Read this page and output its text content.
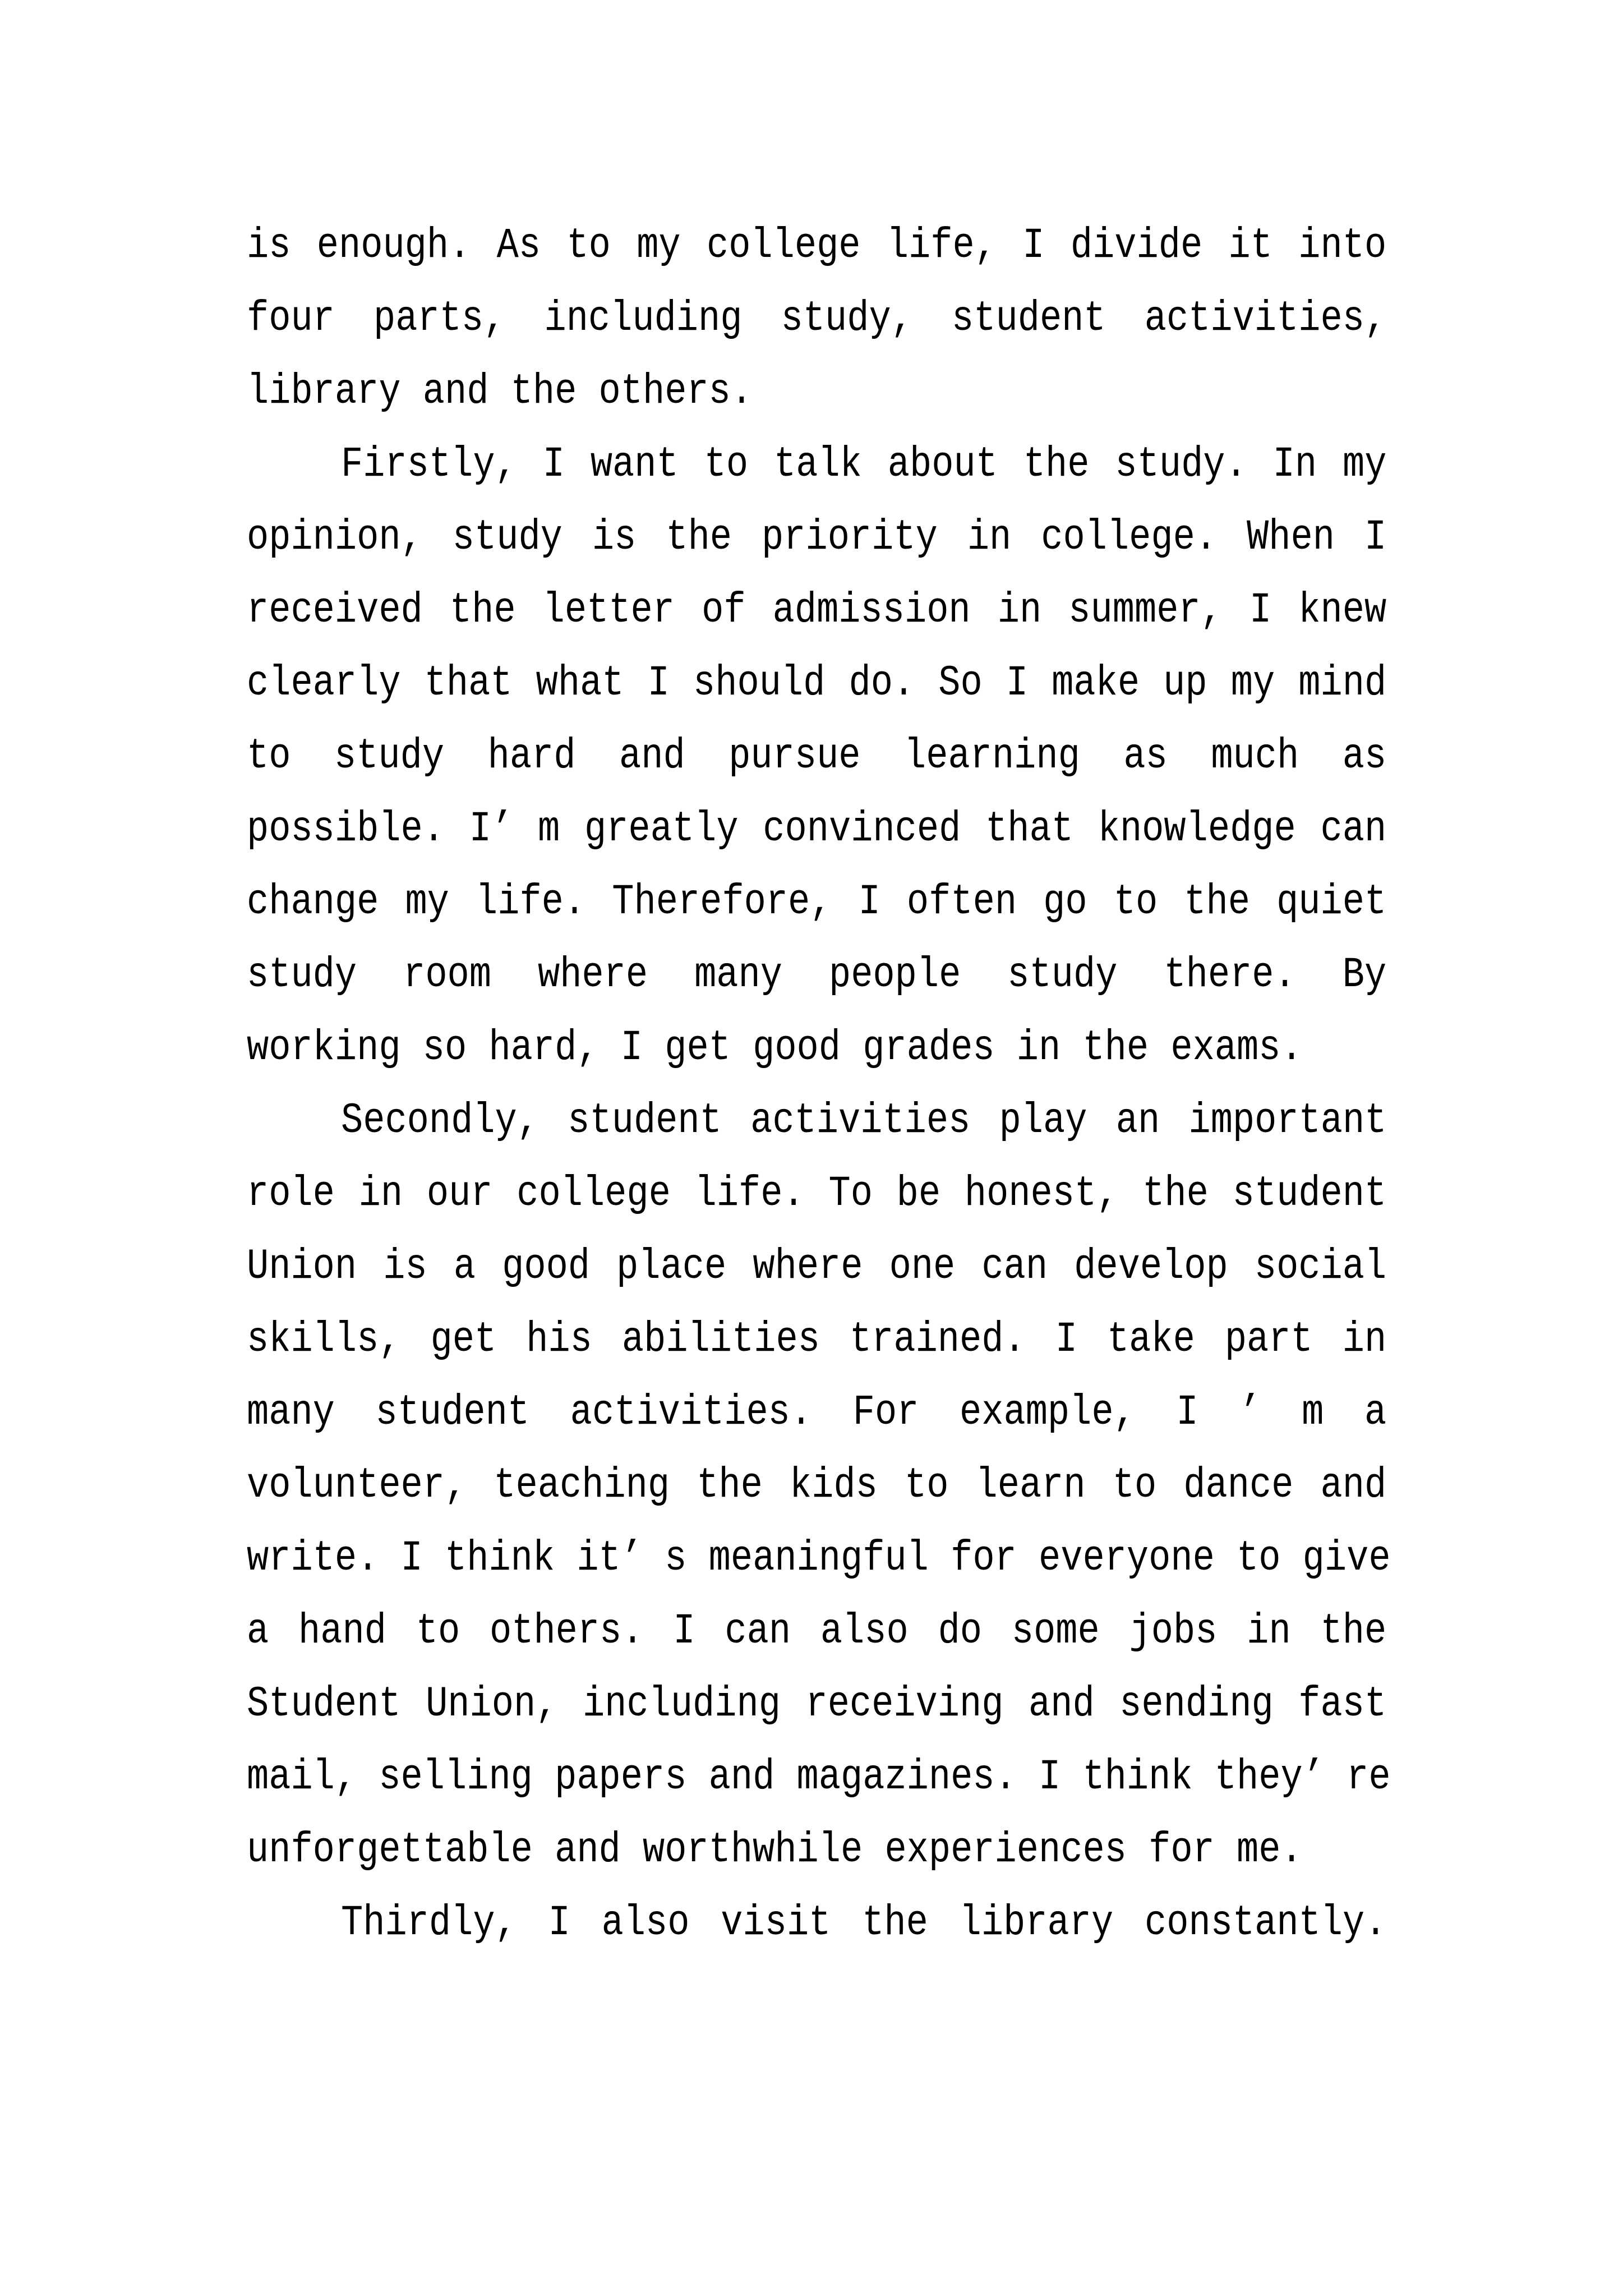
is enough. As to my college life, I divide it into
four parts, including study, student activities,
library and the others.
Firstly, I want to talk about the study. In my
opinion, study is the priority in college. When I
received the letter of admission in summer, I knew
clearly that what I should do. So I make up my mind
to study hard and pursue learning as much as
possible. I’ m greatly convinced that knowledge can
change my life. Therefore, I often go to the quiet
study room where many people study there. By
working so hard, I get good grades in the exams.
Secondly, student activities play an important
role in our college life. To be honest, the student
Union is a good place where one can develop social
skills, get his abilities trained. I take part in
many student activities. For example, I ’ m a
volunteer, teaching the kids to learn to dance and
write. I think it’ s meaningful for everyone to give
a hand to others. I can also do some jobs in the
Student Union, including receiving and sending fast
mail, selling papers and magazines. I think they’ re
unforgettable and worthwhile experiences for me.
Thirdly, I also visit the library constantly.
